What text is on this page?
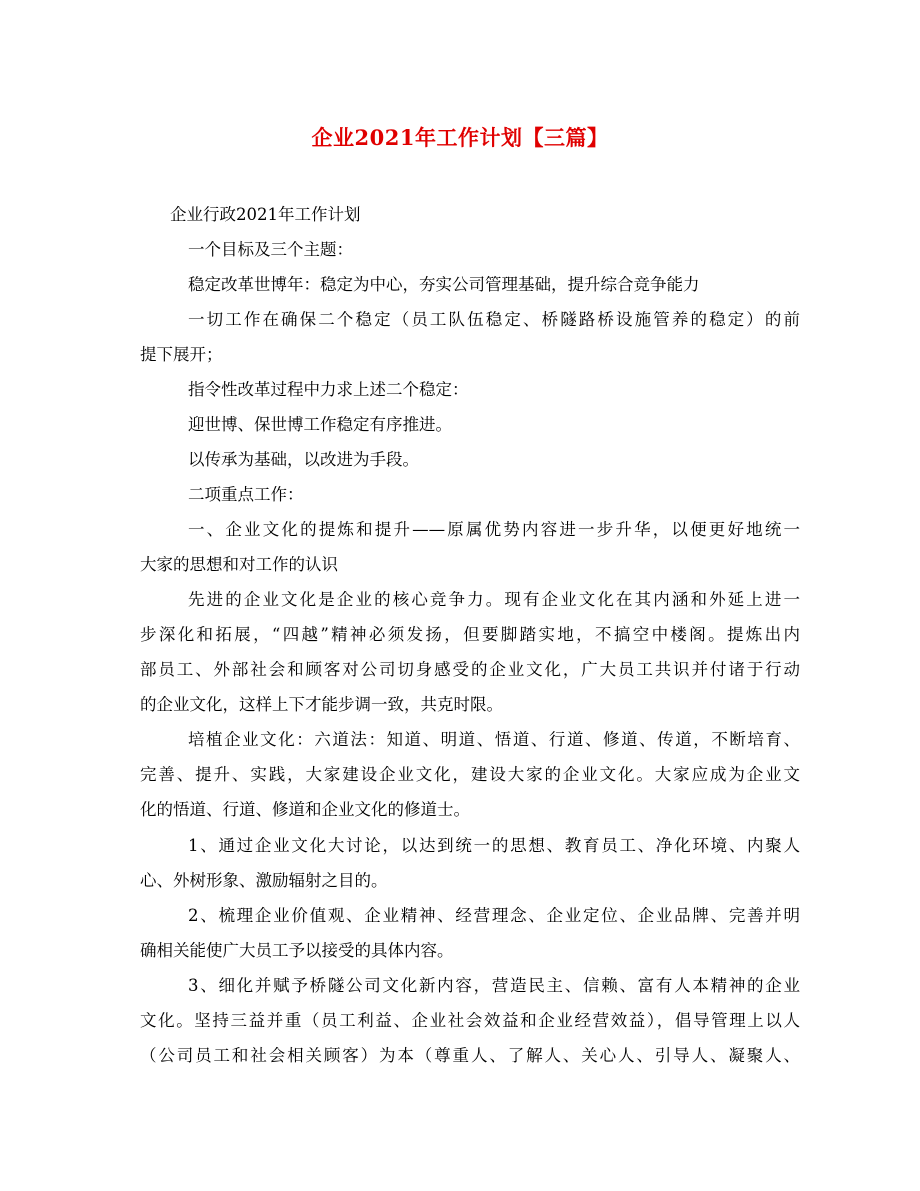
企业2021年工作计划【三篇】
企业行政2021年工作计划
一个目标及三个主题：
稳定改革世博年：稳定为中心，夯实公司管理基础，提升综合竞争能力
一切工作在确保二个稳定（员工队伍稳定、桥隧路桥设施管养的稳定）的前
提下展开；
指令性改革过程中力求上述二个稳定：
迎世博、保世博工作稳定有序推进。
以传承为基础，以改进为手段。
二项重点工作：
一、企业文化的提炼和提升——原属优势内容进一步升华，以便更好地统一
大家的思想和对工作的认识
先进的企业文化是企业的核心竞争力。现有企业文化在其内涵和外延上进一
步深化和拓展，“四越”精神必须发扬，但要脚踏实地，不搞空中楼阁。提炼出内
部员工、外部社会和顾客对公司切身感受的企业文化，广大员工共识并付诸于行动
的企业文化，这样上下才能步调一致，共克时限。
培植企业文化：六道法：知道、明道、悟道、行道、修道、传道，不断培育、
完善、提升、实践，大家建设企业文化，建设大家的企业文化。大家应成为企业文
化的悟道、行道、修道和企业文化的修道士。
1、通过企业文化大讨论，以达到统一的思想、教育员工、净化环境、内聚人
心、外树形象、激励辐射之目的。
2、梳理企业价值观、企业精神、经营理念、企业定位、企业品牌、完善并明
确相关能使广大员工予以接受的具体内容。
3、细化并赋予桥隧公司文化新内容，营造民主、信赖、富有人本精神的企业
文化。坚持三益并重（员工利益、企业社会效益和企业经营效益），倡导管理上以人
（公司员工和社会相关顾客）为本（尊重人、了解人、关心人、引导人、凝聚人、
